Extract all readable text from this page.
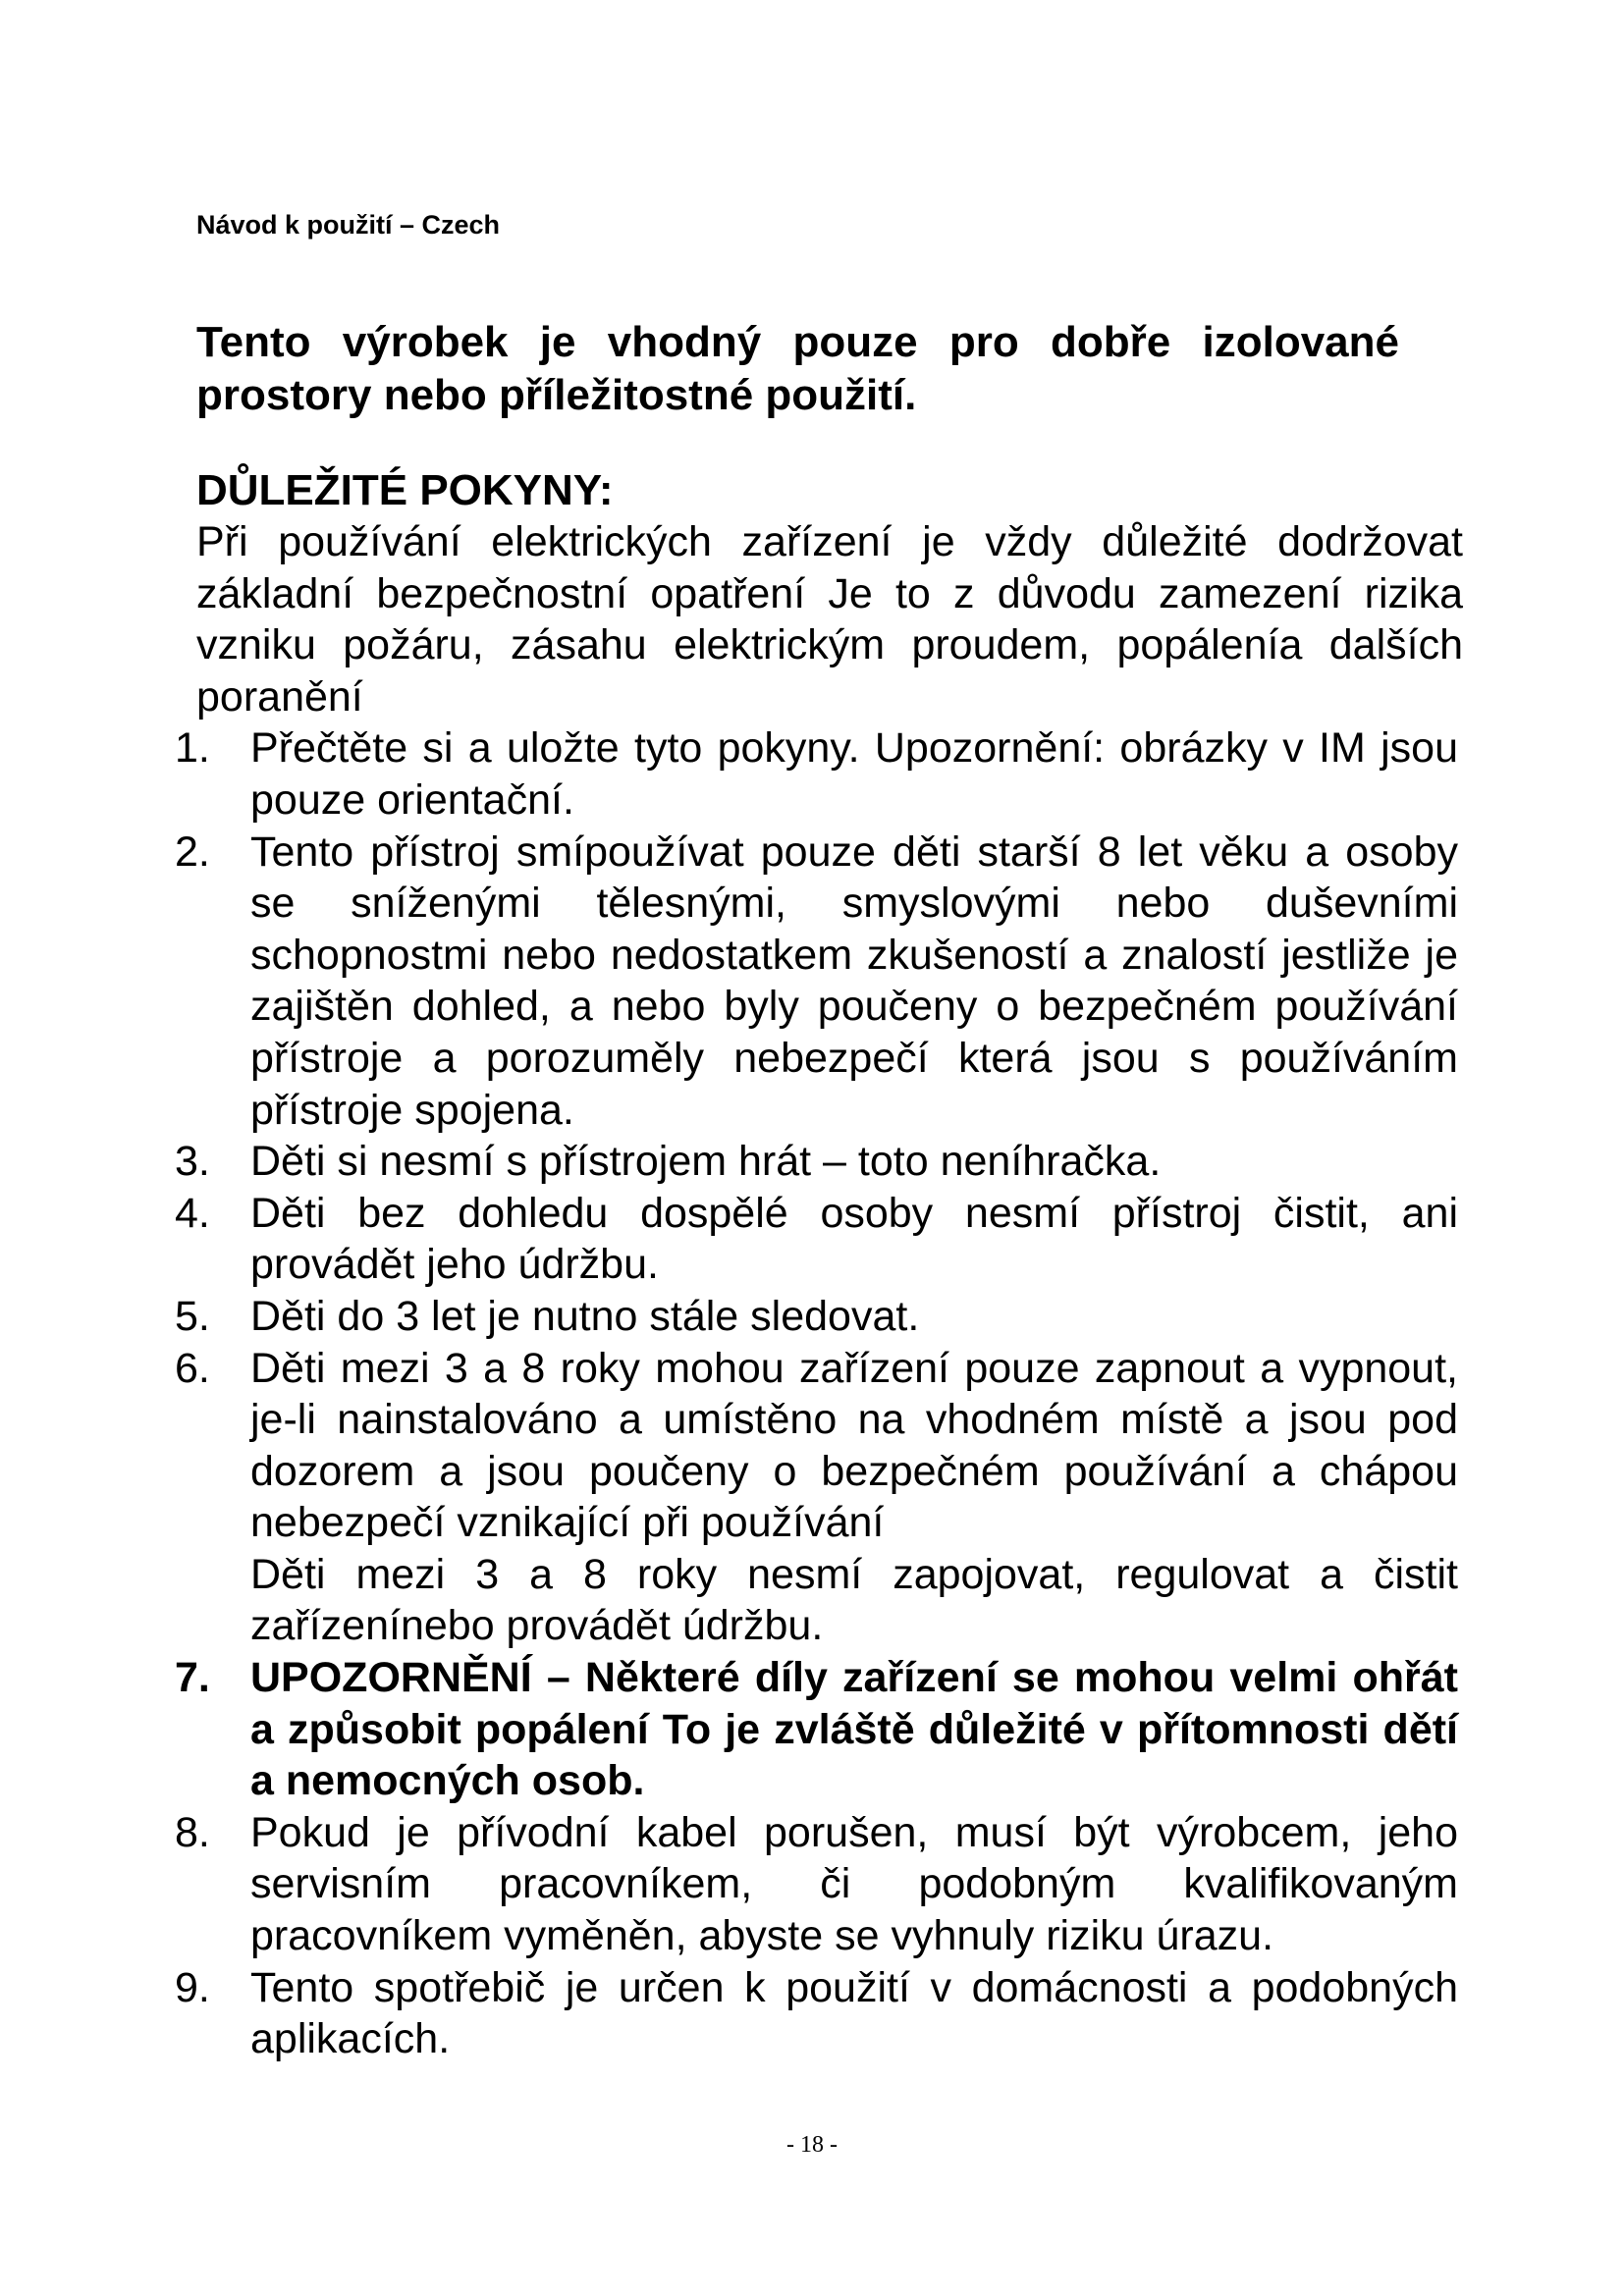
Návod k použití – Czech
Tento výrobek je vhodný pouze pro dobře izolované prostory nebo příležitostné použití.
DŮLEŽITÉ POKYNY:
Při používání elektrických zařízení je vždy důležité dodržovat základní bezpečnostní opatření Je to z důvodu zamezení rizika vzniku požáru, zásahu elektrickým proudem, popálenía dalších poranění
1. Přečtěte si a uložte tyto pokyny. Upozornění: obrázky v IM jsou pouze orientační.
2. Tento přístroj smípoužívat pouze děti starší 8 let věku a osoby se sníženými tělesnými, smyslovými nebo duševními schopnostmi nebo nedostatkem zkušeností a znalostí jestliže je zajištěn dohled, a nebo byly poučeny o bezpečném používání přístroje a porozuměly nebezpečí která jsou s používáním přístroje spojena.
3. Děti si nesmí s přístrojem hrát – toto neníhračka.
4. Děti bez dohledu dospělé osoby nesmí přístroj čistit, ani provádět jeho údržbu.
5. Děti do 3 let je nutno stále sledovat.
6. Děti mezi 3 a 8 roky mohou zařízení pouze zapnout a vypnout, je-li nainstalováno a umístěno na vhodném místě a jsou pod dozorem a jsou poučeny o bezpečném používání a chápou nebezpečí vznikající při používání
Děti mezi 3 a 8 roky nesmí zapojovat, regulovat a čistit zařízenínebo provádět údržbu.
7. UPOZORNĚNÍ – Některé díly zařízení se mohou velmi ohřát a způsobit popálení To je zvláště důležité v přítomnosti dětí a nemocných osob.
8. Pokud je přívodní kabel porušen, musí být výrobcem, jeho servisním pracovníkem, či podobným kvalifikovaným pracovníkem vyměněn, abyste se vyhnuly riziku úrazu.
9. Tento spotřebič je určen k použití v domácnosti a podobných aplikacích.
- 18 -
